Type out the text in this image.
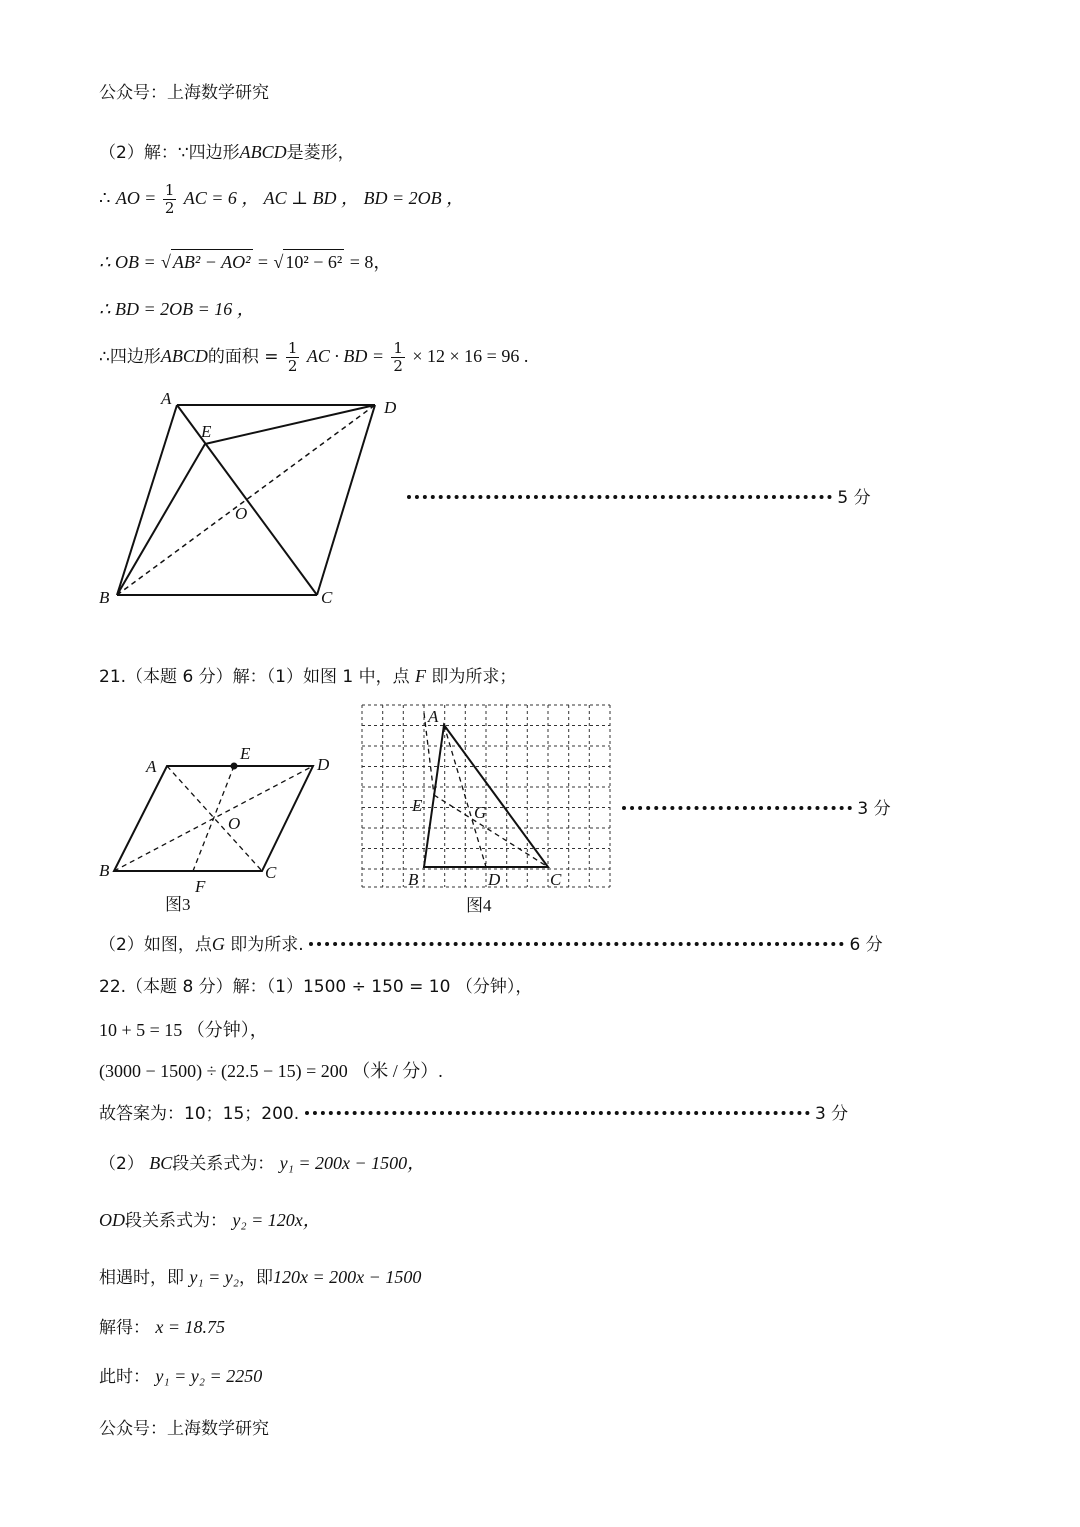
公众号：上海数学研究
（2）解：∵四边形ABCD是菱形，
∴ AO = $\frac{1}{2}$ AC = 6 ， AC ⊥ BD ， BD = 2OB ，
∴ OB = √ AB² − AO² = √ 10² − 6² = 8，
∴ BD = 2OB = 16 ，
∴四边形ABCD的面积 = $\frac{1}{2}$ AC · BD = $\frac{1}{2} \times 12 \times 16 = 96$ .
A	D
E
O
B	C
5 分
21.（本题 6 分）解：（1）如图 1 中，点 F 即为所求；
A
E
D
O
B
F
C
图3
A
E	G
B	D	C
图4
3 分
（2）如图，点G 即为所求.	6 分
22.（本题 8 分）解：（1）1500 ÷ 150 = 10 （分钟），
10 + 5 = 15 （分钟），
(3000 − 1500) ÷ (22.5 − 15) = 200 （米 / 分）.
故答案为：10；15；200.	3 分
（2） BC段关系式为： y₁ = 200x − 1500，
OD段关系式为： y₂ = 120x，
相遇时，即 y₁ = y₂，即120x = 200x − 1500
解得： x = 18.75
此时： y₁ = y₂ = 2250
公众号：上海数学研究
